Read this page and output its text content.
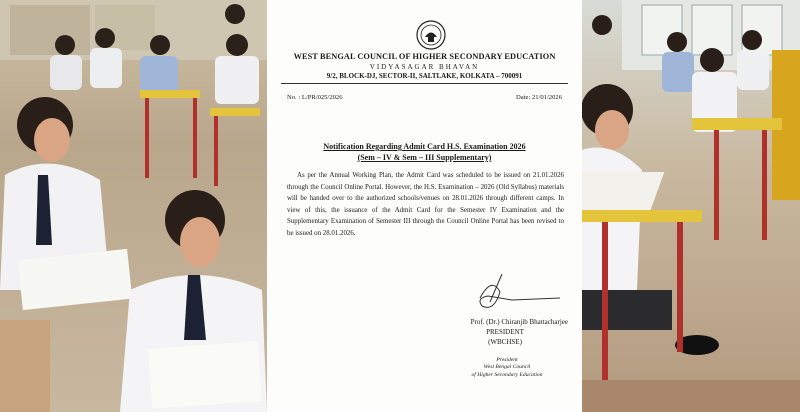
WEST BENGAL COUNCIL OF HIGHER SECONDARY EDUCATION
VIDYASAGAR BHAVAN
9/2, BLOCK-DJ, SECTOR-II, SALTLAKE, KOLKATA – 700091
No. : L/PR/025/2026	Date: 21/01/2026
Notification Regarding Admit Card H.S. Examination 2026
(Sem – IV & Sem – III Supplementary)
As per the Annual Working Plan, the Admit Card was scheduled to be issued on 21.01.2026 through the Council Online Portal. However, the H.S. Examination – 2026 (Old Syllabus) materials will be handed over to the authorized schools/venues on 28.01.2026 through different camps. In view of this, the issuance of the Admit Card for the Semester IV Examination and the Supplementary Examination of Semester III through the Council Online Portal has been revised to be issued on 28.01.2026.
Prof. (Dr.) Chiranjib Bhattacharjee
PRESIDENT
(WBCHSE)
President
West Bengal Council
of Higher Secondary Education
